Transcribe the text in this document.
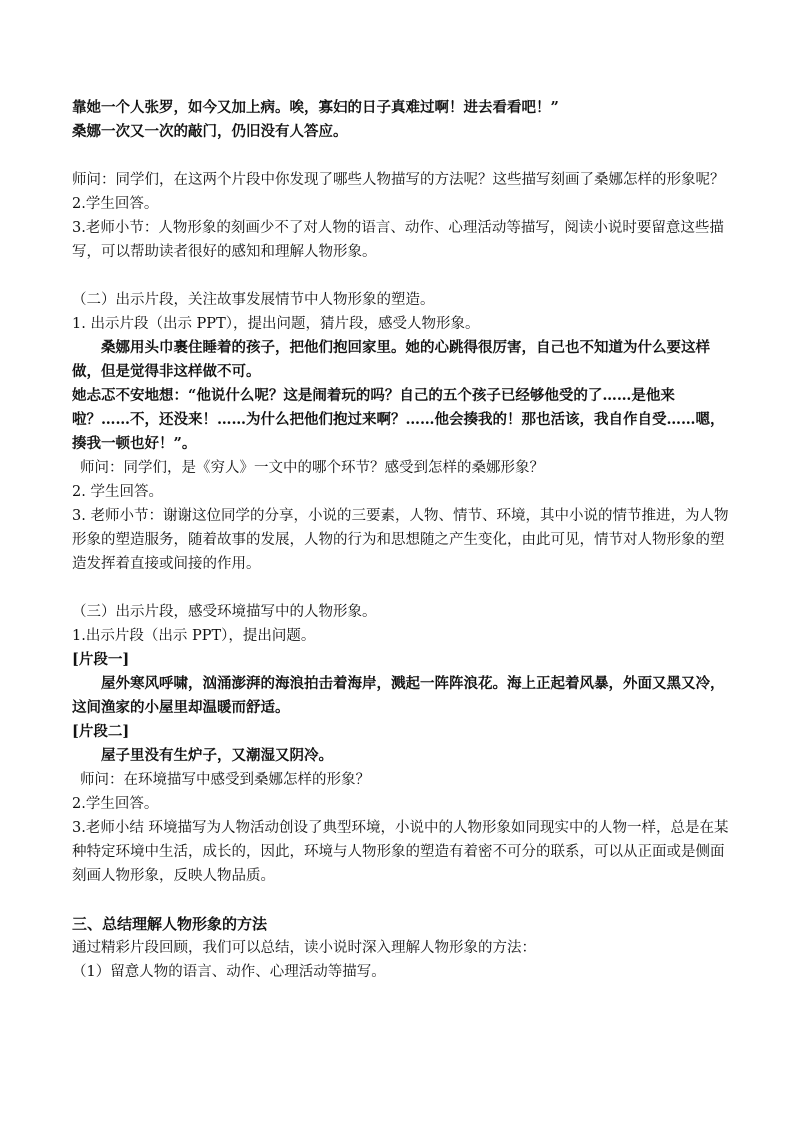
靠她一个人张罗，如今又加上病。唉，寡妇的日子真难过啊！进去看看吧！”

桑娜一次又一次的敲门，仍旧没有人答应。

师问：同学们，在这两个片段中你发现了哪些人物描写的方法呢？这些描写刻画了桑娜怎样的形象呢？

2.学生回答。

3.老师小节：人物形象的刻画少不了对人物的语言、动作、心理活动等描写，阅读小说时要留意这些描写，可以帮助读者很好的感知和理解人物形象。

（二）出示片段，关注故事发展情节中人物形象的塑造。

1. 出示片段（出示 PPT），提出问题，猜片段，感受人物形象。

桑娜用头巾裹住睡着的孩子，把他们抱回家里。她的心跳得很厉害，自己也不知道为什么要这样做，但是觉得非这样做不可。

她忐忑不安地想：“他说什么呢？这是闹着玩的吗？自己的五个孩子已经够他受的了……是他来啦？……不，还没来！……为什么把他们抱过来啊？……他会揍我的！那也活该，我自作自受……嗯，揍我一顿也好！”。

师问：同学们，是《穷人》一文中的哪个环节？感受到怎样的桑娜形象？

2. 学生回答。

3. 老师小节：谢谢这位同学的分享，小说的三要素，人物、情节、环境，其中小说的情节推进，为人物形象的塑造服务，随着故事的发展，人物的行为和思想随之产生变化，由此可见，情节对人物形象的塑造发挥着直接或间接的作用。

（三）出示片段，感受环境描写中的人物形象。

1.出示片段（出示 PPT），提出问题。

[片段一]

屋外寒风呼啸，汹涌澎湃的海浪拍击着海岸，溅起一阵阵浪花。海上正起着风暴，外面又黑又冷，这间渔家的小屋里却温暖而舒适。

[片段二]

屋子里没有生炉子，又潮湿又阴冷。

师问：在环境描写中感受到桑娜怎样的形象？

2.学生回答。

3.老师小结 环境描写为人物活动创设了典型环境，小说中的人物形象如同现实中的人物一样，总是在某种特定环境中生活，成长的，因此，环境与人物形象的塑造有着密不可分的联系，可以从正面或是侧面刻画人物形象，反映人物品质。

三、总结理解人物形象的方法

通过精彩片段回顾，我们可以总结，读小说时深入理解人物形象的方法：

（1）留意人物的语言、动作、心理活动等描写。
